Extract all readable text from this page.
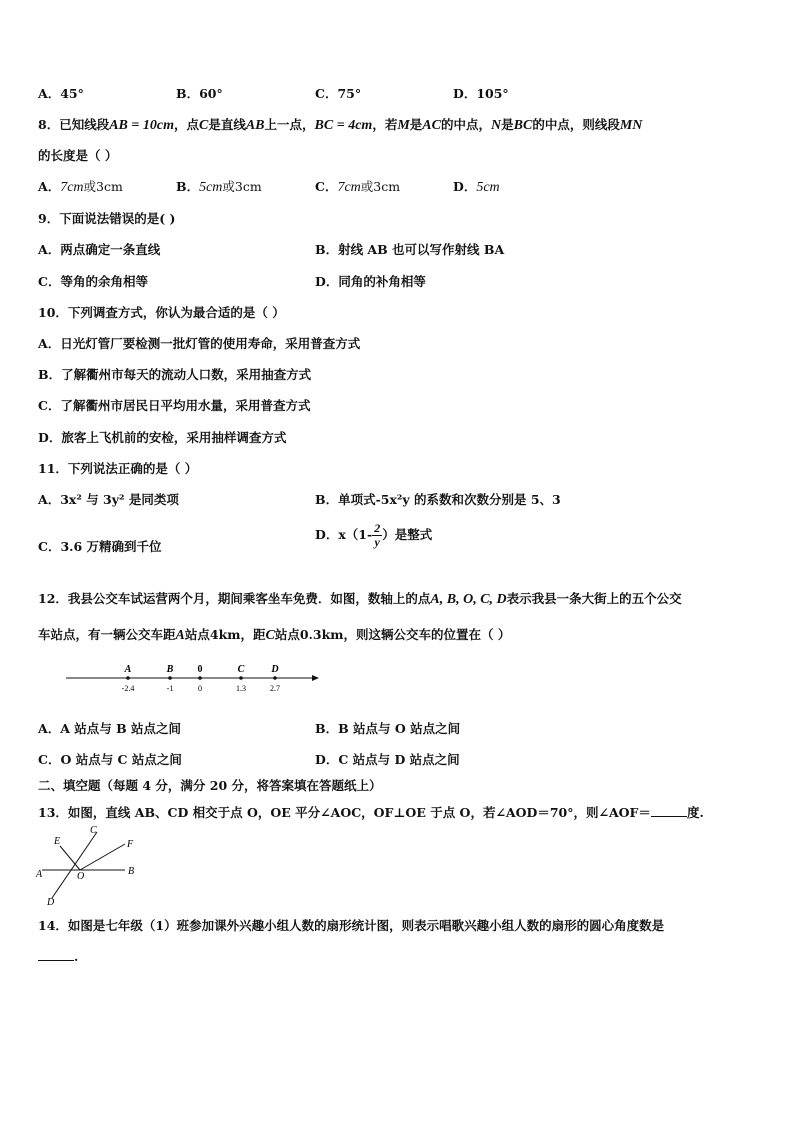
A．45°	B．60°	C．75°	D．105°
8．已知线段AB = 10cm，点C是直线AB上一点，BC = 4cm，若M是AC的中点，N是BC的中点，则线段MN
的长度是（ ）
A．7cm或3cm	B．5cm或3cm	C．7cm或3cm	D．5cm
9．下面说法错误的是( )
A．两点确定一条直线	B．射线 AB 也可以写作射线 BA
C．等角的余角相等	D．同角的补角相等
10．下列调查方式，你认为最合适的是（ ）
A．日光灯管厂要检测一批灯管的使用寿命，采用普查方式
B．了解衢州市每天的流动人口数，采用抽查方式
C．了解衢州市居民日平均用水量，采用普查方式
D．旅客上飞机前的安检，采用抽样调查方式
11．下列说法正确的是（ ）
A．3x² 与 3y² 是同类项	B．单项式-5x²y 的系数和次数分别是 5、3
C．3.6 万精确到千位
D．$x(1- \frac{2}{y}$ ）是整式
12．我县公交车试运营两个月，期间乘客坐车免费．如图，数轴上的点A, B, O, C, D表示我县一条大街上的五个公交
车站点，有一辆公交车距A站点4km，距C站点0.3km，则这辆公交车的位置在（ ）
A
-2.4
B
-1
0
0
C
1.3
D
2.7
A．A 站点与 B 站点之间	B．B 站点与 O 站点之间
C．O 站点与 C 站点之间	D．C 站点与 D 站点之间
二、填空题（每题 4 分，满分 20 分，将答案填在答题纸上）
13．如图，直线 AB、CD 相交于点 O，OE 平分∠AOC，OF⊥OE 于点 O，若∠AOD＝70°，则∠AOF＝	度.
E
C
F
A	O	B
D
14．如图是七年级（1）班参加课外兴趣小组人数的扇形统计图，则表示唱歌兴趣小组人数的扇形的圆心角度数是
.
